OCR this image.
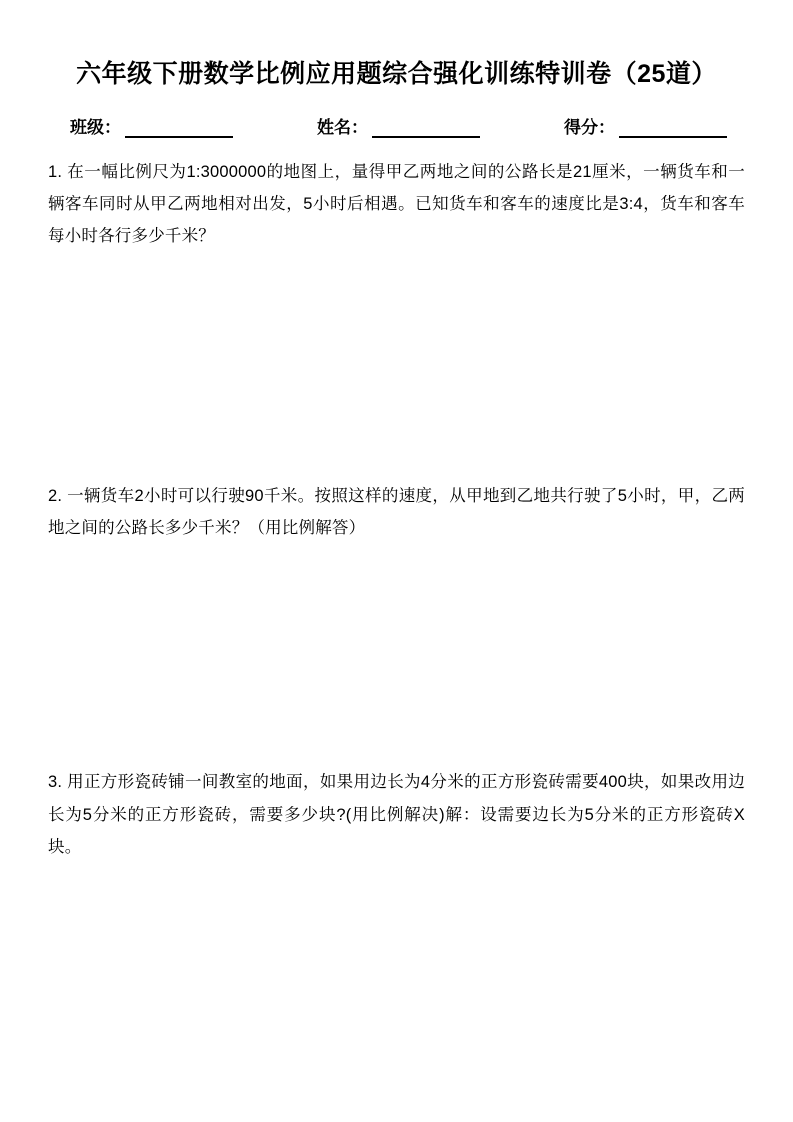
六年级下册数学比例应用题综合强化训练特训卷（25道）
班级：	姓名：	得分：
1. 在一幅比例尺为1:3000000的地图上，量得甲乙两地之间的公路长是21厘米，一辆货车和一辆客车同时从甲乙两地相对出发，5小时后相遇。已知货车和客车的速度比是3:4，货车和客车每小时各行多少千米？
2. 一辆货车2小时可以行驶90千米。按照这样的速度，从甲地到乙地共行驶了5小时，甲，乙两地之间的公路长多少千米？（用比例解答）
3. 用正方形瓷砖铺一间教室的地面，如果用边长为4分米的正方形瓷砖需要400块，如果改用边长为5分米的正方形瓷砖，需要多少块?(用比例解决)解：设需要边长为5分米的正方形瓷砖X块。
